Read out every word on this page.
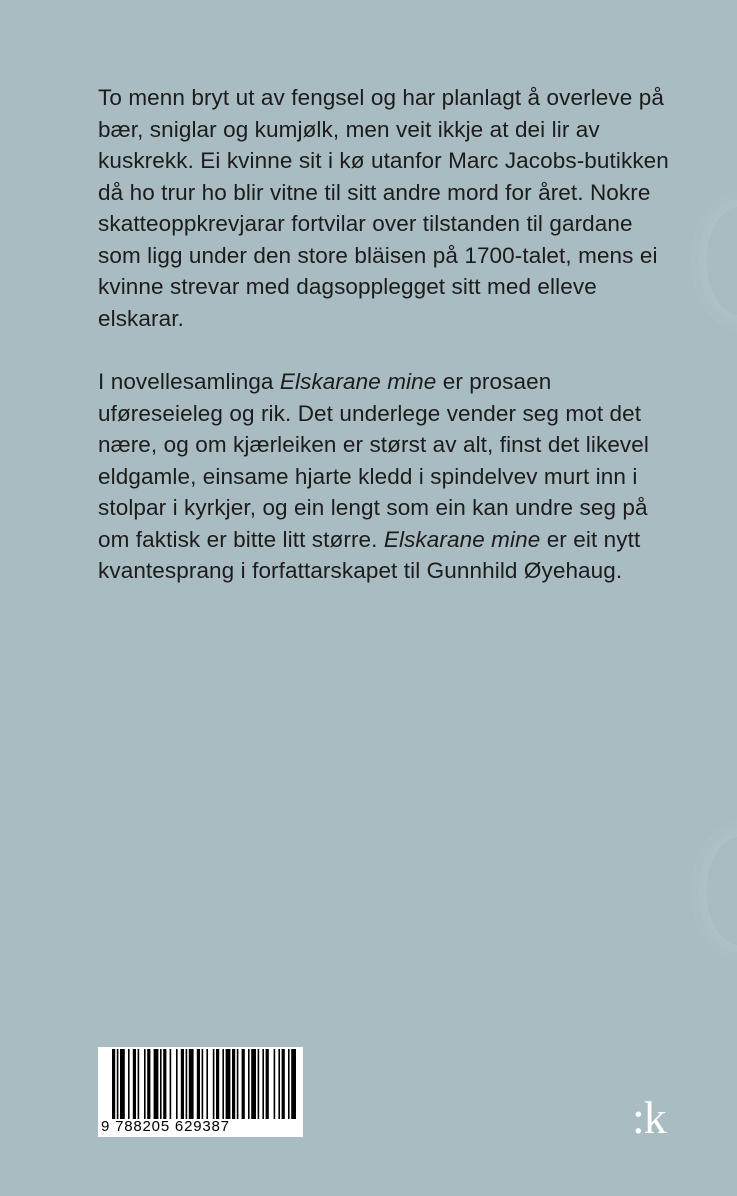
To menn bryt ut av fengsel og har planlagt å overleve på bær, sniglar og kumjølk, men veit ikkje at dei lir av kuskrekk. Ei kvinne sit i kø utanfor Marc Jacobs-butikken då ho trur ho blir vitne til sitt andre mord for året. Nokre skatteoppkrevjarar fortvilar over tilstanden til gardane som ligg under den store bläisen på 1700-talet, mens ei kvinne strevar med dagsopplegget sitt med elleve elskarar.

I novellesamlinga Elskarane mine er prosaen uføreseieleg og rik. Det underlege vender seg mot det nære, og om kjærleiken er størst av alt, finst det likevel eldgamle, einsame hjarte kledd i spindelvev murt inn i stolpar i kyrkjer, og ein lengt som ein kan undre seg på om faktisk er bitte litt større. Elskarane mine er eit nytt kvantesprang i forfattarskapet til Gunnhild Øyehaug.

9 788205 629387	:k
